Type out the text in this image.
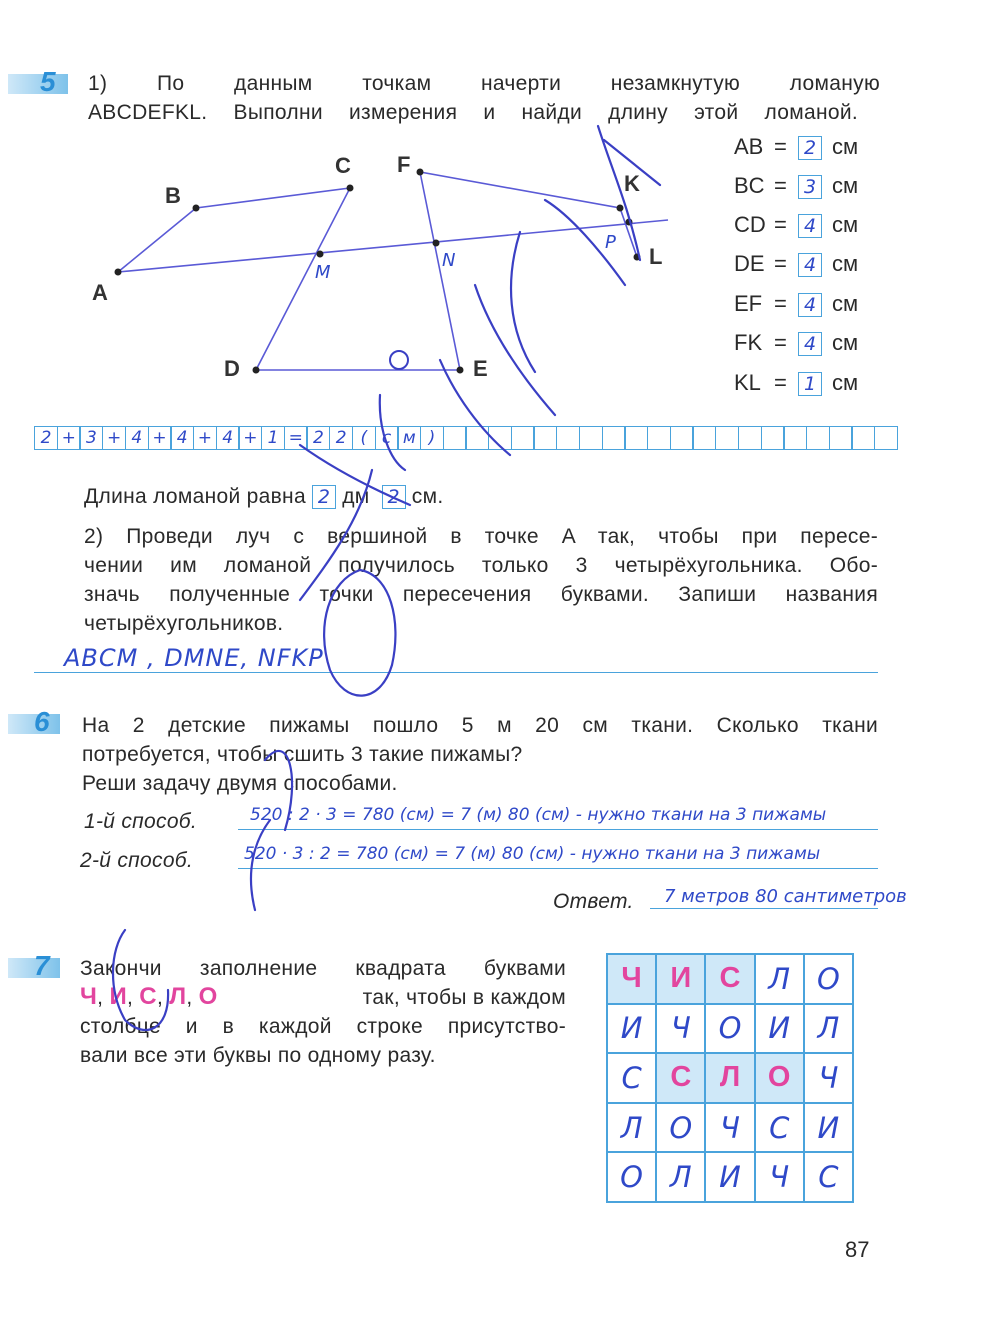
5 1) По данным точкам начерти незамкнутую ломаную
ABCDEFKL. Выполни измерения и найди длину этой ломаной.
A
B
C
D	E
F
K
L
M
N
P
AB = 2 см
BC = 3 см
CD = 4 см
DE = 4 см
EF = 4 см
FK = 4 см
KL = 1 см
2 + 3 + 4 + 4 + 4 + 1 = 2 2 ( с м )
Длина ломаной равна 2 дм 2 см.
2) Проведи луч с вершиной в точке A так, чтобы при пересе-
чении им ломаной получилось только 3 четырёхугольника. Обо-
значь полученные точки пересечения буквами. Запиши названия
четырёхугольников.
ABCM , DMNE, NFKP
6 На 2 детские пижамы пошло 5 м 20 см ткани. Сколько ткани
потребуется, чтобы сшить 3 такие пижамы?
Реши задачу двумя способами.
1-й способ.	520 : 2 · 3 = 780 (см) = 7 (м) 80 (см) - нужно ткани на 3 пижамы
2-й способ.	520 · 3 : 2 = 780 (см) = 7 (м) 80 (см) - нужно ткани на 3 пижамы
Ответ. 7 метров 80 сантиметров
7 Закончи заполнение квадрата буквами
Ч, И, С, Л, О	так, чтобы в каждом
столбце и в каждой строке присутство-
вали все эти буквы по одному разу.
Ч И С Л О
И Ч О И Л
С С Л О Ч
Л О Ч	С И
О Л И Ч	С
87
